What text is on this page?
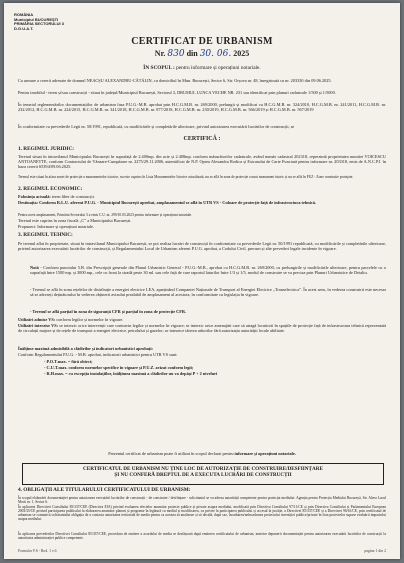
ROMÂNIA
Municipiul BUCUREȘTI
PRIMĂRIA SECTORULUI 3
D.G.U.A.T.
CERTIFICAT DE URBANISM
Nr. 830 din 30. 06. 2025
ÎN SCOPUL : pentru informare și operațiuni notariale.
Ca urmare a cererii adresate de domnul NEACȘU ALEXANDRU-CĂTĂLIN, cu domiciliul în Mun. București, Sector 6, Str. Orșova nr. 48, înregistrată cu nr. 203330 din 09.06.2025.
Pentru imobilul - teren și/sau construcții - situat în județul/Municipiul București, Sectorul 3, DRUMUL LUNCA VECHE NR. 231 sau identificat prin planuri cadastrale 1/500 și 1/5000.
În temeiul reglementărilor documentațiilor de urbanism faza P.U.G.-M.B. aprobat prin H.C.G.M.B. nr. 269/2000, prelungit și modificat cu H.C.G.M.B. nr. 324/2010, H.C.G.M.B. nr. 241/2011, H.C.G.M.B. nr. 232/2012, H.C.G.M.B. nr. 224/2015, H.C.G.M.B. nr. 341/2018, H.C.G.M.B. nr. 877/2018, H.C.G.M.B. nr. 230/2019, H.C.G.M.B. nr. 566/2019 și H.C.G.M.B. nr. 567/2019
În conformitate cu prevederile Legii nr. 50/1991, republicată, cu modificările și completările ulterioare, privind autorizarea executării lucrărilor de construcții, se
CERTIFICĂ :
1. REGIMUL JURIDIC:
Terenul situat în intravilanul Municipiului București în suprafață de 2.400mp. din acte și 2.408mp. conform măsurătorilor cadastrale, având număr cadastral 202318, reprezintă proprietatea numitei VOICESCU ANTOANETTE, conform Contractului de Vânzare-Cumpărare nr. 2275/29.11.2006, autentificat de N.P. Oprea Alexandra Rodica și Extrasului de Carte Funciară pentru informare nr. 203318, emis de A.N.C.P.I. în baza cererii 65394/09.06.2025.
Terenul este situat în afara zonei de protecție a monumentelor istorice, nu este cuprins în Lista Monumentelor Istorice actualizată, nu se află în zona de protecție a unui monument istoric și nu se află în PUZ - Zone construite protejate.
2. REGIMUL ECONOMIC:
Folosința actuală: teren liber de construcții.
Destinația: Conform R.L.U. aferent P.U.G. - Municipiul București aprobat, amplasamentul se află în UTR VS - Culoare de protecție față de infrastructura tehnică.
Pentru acest amplasament, Primăria Sectorului 3 a emis C.U. nr. 299/10.03.2023 pentru informare și operațiuni notariale.
Terenul este cuprins în zona fiscală „C” a Municipiului București.
Propuneri: Informare și operațiuni notariale.
3. REGIMUL TEHNIC:
Pe terenul aflat în proprietate, situat în intravilanul Municipiului București, se pot realiza lucrări de construcții în conformitate cu prevederile Legii nr. 50/1991 republicată, cu modificările și completările ulterioare, privind autorizarea executării lucrărilor de construcții, și Regulamentului Local de Urbanism aferent P.U.G. aprobat, a Codului Civil, precum și alte prevederi legale incidente în vigoare.
Notă - Conform punctului 5.B. din Prescripții generale din Planul Urbanistic General - P.U.G.-M.B., aprobat cu H.C.G.M.B. nr. 269/2000, cu prelungirile și modificările ulterioare, pentru parcelele cu o suprafață între 1500 mp. și 3000 mp., cele cu front la stradă peste 30 ml. sau cele față de care raportul laturilor între 1/3 și 1/5, modul de construire se va preciza prin Planuri Urbanistice de Detaliu.
- Terenul se află în zona rețelelor de distribuție a energiei electrice LEA, aparținând Companiei Naționale de Transport al Energiei Electrice „Transelectrica”. În acest sens, în vederea construirii este necesar să se adreseți deținătorului în vederea obținerii avizului prealabil de amplasament al acestora, în conformitate cu legislația în vigoare.
- Terenul se află parțial în zona de siguranță CFR și parțial în zona de protecție CFR.
Utilizări admise VS: conform legilor și normelor în vigoare.
Utilizări interzise VS: se interzic orice intervenții care contravin legilor și normelor în vigoare; se interzic orice amenajări care să atragă locuitorii în spațiile de protecție față de infrastructura tehnică reprezentată de circulații majore și de rețele de transport a energiei electrice, petrolului și gazelor; se interzice tăierea arborilor fără autorizația autorității locale abilitate.
Înălțime maximă admisibilă a clădirilor și indicatori urbanistici aprobați:
Conform Regulamentului P.U.G. - M.B. aprobat, indicatorii urbanistici pentru UTR VS sunt:
- P.O.T.max. = fără obiect;
- C.U.T.max. conform normelor specifice în vigoare și P.U.Z. avizat conform legii;
- R.H.max. = cu excepția instalațiilor, înălțimea maximă a clădirilor nu va depăși P + 2 niveluri
Prezentul certificat de urbanism poate fi utilizat în scopul declarat pentru informare și operațiuni notariale.
CERTIFICATUL DE URBANISM NU ȚINE LOC DE AUTORIZAȚIE DE CONSTRUIRE/DESFIINȚARE
ȘI NU CONFERĂ DREPTUL DE A EXECUTA LUCRĂRI DE CONSTRUCȚII
4. OBLIGAȚII ALE TITULARULUI CERTIFICATULUI DE URBANISM:
În scopul elaborării documentației pentru autorizarea executării lucrărilor de construcții - de construire / desființare - solicitantul se va adresa autorității competente pentru protecția mediului: Agenția pentru Protecția Mediului București, Str. Aleea Lacul Morii nr. 1, Sector 6.
În aplicarea Directivei Consiliului 85/337/CEE (Directiva EIA) privind evaluarea efectelor anumitor proiecte publice și private asupra mediului, modificată prin Directiva Consiliului 97/11/CE și prin Directiva Consiliului și Parlamentului European 2003/35/CE privind participarea publicului la elaborarea anumitor planuri și programe în legătură cu mediul și modificarea, cu privire la participarea publicului și accesul la justiție, a Directivei 85/337/CEE și a Directivei 96/61/CE, prin certificatul de urbanism se comunică solicitantului obligația de a contacta autoritatea teritorială de mediu pentru ca aceasta să analizeze și să decidă, după caz, încadrarea/neîncadrarea proiectului investiției publice/private în lista proiectelor supuse evaluării impactului asupra mediului.
În aplicarea prevederilor Directivei Consiliului 85/337/CEE, procedura de emitere a acordului de mediu se desfășoară după emiterea certificatului de urbanism, anterior depunerii documentației pentru autorizarea executării lucrărilor de construcții la autoritatea administrației publice competente.
Formular F.6 - Rod. 1 v.6	pagina 1 din 2
